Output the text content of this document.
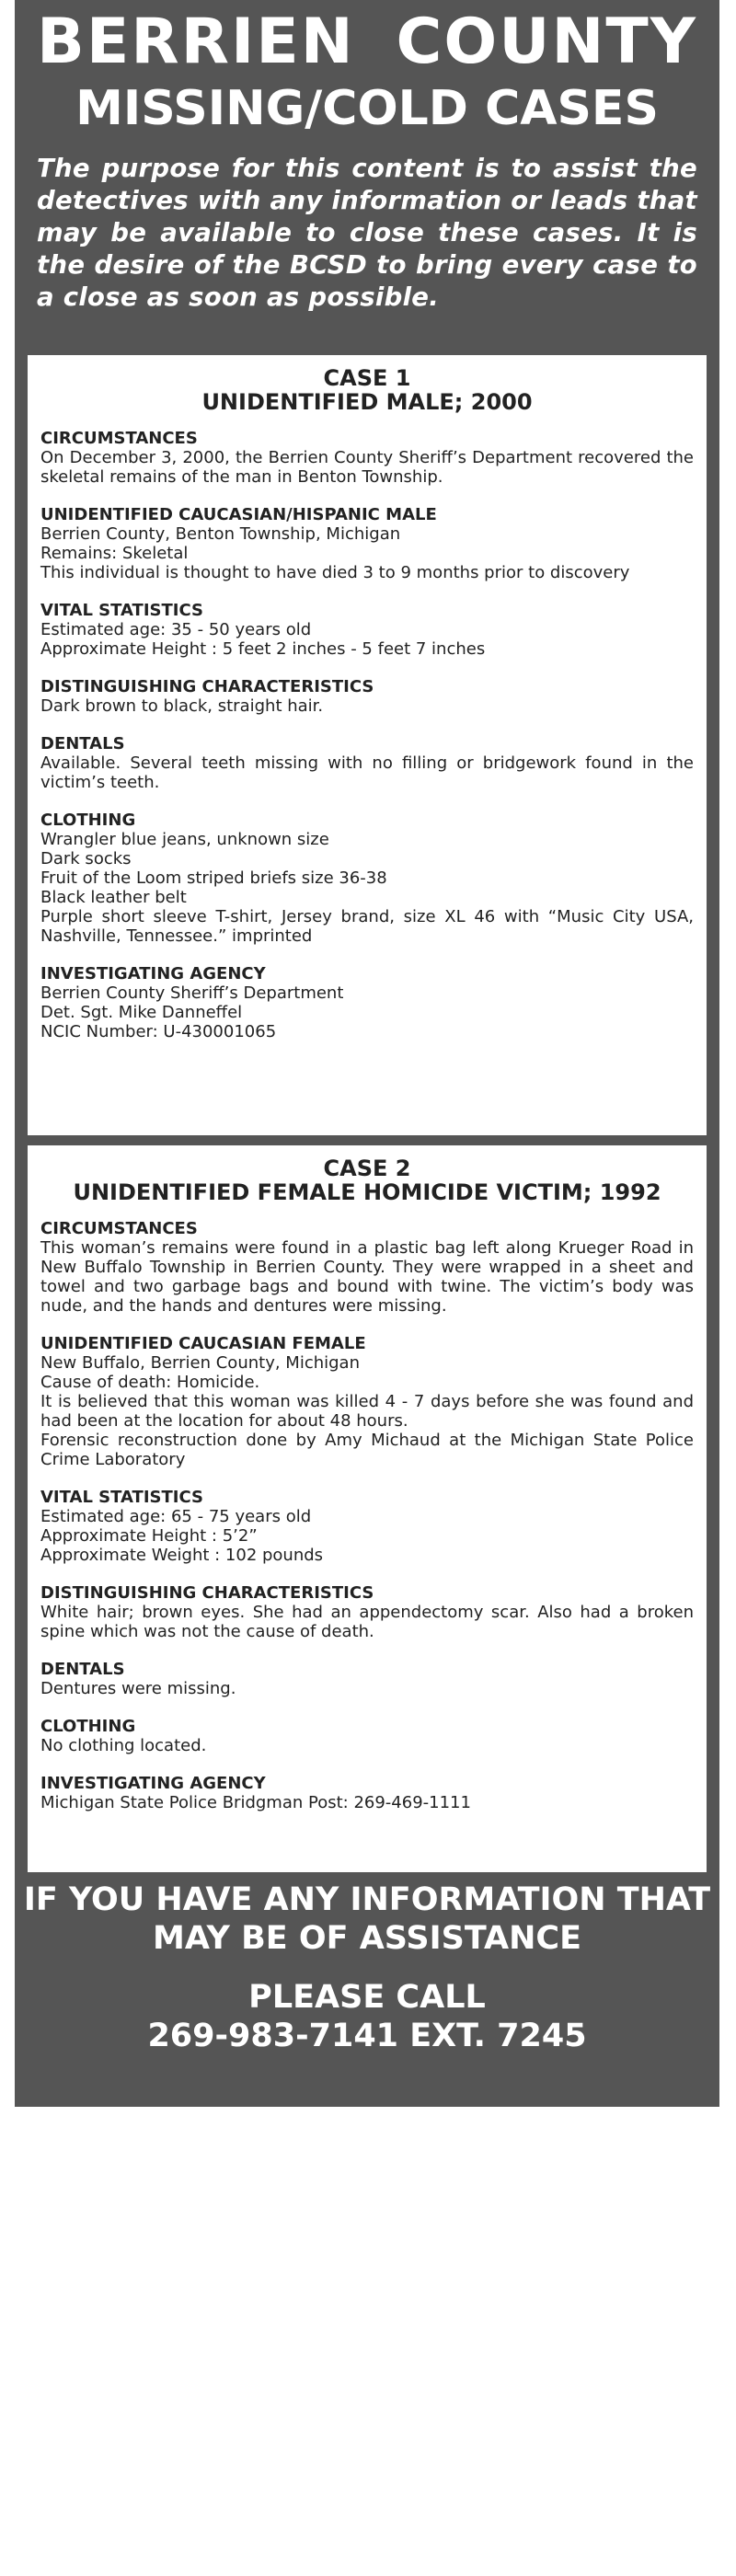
BERRIEN COUNTY
MISSING/COLD CASES
The purpose for this content is to assist the detectives with any information or leads that may be available to close these cases. It is the desire of the BCSD to bring every case to a close as soon as possible.
CASE 1
UNIDENTIFIED MALE; 2000
CIRCUMSTANCES
On December 3, 2000, the Berrien County Sheriff’s Department recovered the skeletal remains of the man in Benton Township.
UNIDENTIFIED CAUCASIAN/HISPANIC MALE
Berrien County, Benton Township, Michigan
Remains: Skeletal
This individual is thought to have died 3 to 9 months prior to discovery
VITAL STATISTICS
Estimated age: 35 - 50 years old
Approximate Height : 5 feet 2 inches - 5 feet 7 inches
DISTINGUISHING CHARACTERISTICS
Dark brown to black, straight hair.
DENTALS
Available. Several teeth missing with no filling or bridgework found in the victim’s teeth.
CLOTHING
Wrangler blue jeans, unknown size
Dark socks
Fruit of the Loom striped briefs size 36-38
Black leather belt
Purple short sleeve T-shirt, Jersey brand, size XL 46 with “Music City USA, Nashville, Tennessee.” imprinted
INVESTIGATING AGENCY
Berrien County Sheriff’s Department
Det. Sgt. Mike Danneffel
NCIC Number: U-430001065
CASE 2
UNIDENTIFIED FEMALE HOMICIDE VICTIM; 1992
CIRCUMSTANCES
This woman’s remains were found in a plastic bag left along Krueger Road in New Buffalo Township in Berrien County. They were wrapped in a sheet and towel and two garbage bags and bound with twine. The victim’s body was nude, and the hands and dentures were missing.
UNIDENTIFIED CAUCASIAN FEMALE
New Buffalo, Berrien County, Michigan
Cause of death: Homicide.
It is believed that this woman was killed 4 - 7 days before she was found and had been at the location for about 48 hours.
Forensic reconstruction done by Amy Michaud at the Michigan State Police Crime Laboratory
VITAL STATISTICS
Estimated age: 65 - 75 years old
Approximate Height : 5’2”
Approximate Weight : 102 pounds
DISTINGUISHING CHARACTERISTICS
White hair; brown eyes. She had an appendectomy scar. Also had a broken spine which was not the cause of death.
DENTALS
Dentures were missing.
CLOTHING
No clothing located.
INVESTIGATING AGENCY
Michigan State Police Bridgman Post: 269-469-1111
IF YOU HAVE ANY INFORMATION THAT
MAY BE OF ASSISTANCE
PLEASE CALL
269-983-7141 EXT. 7245
